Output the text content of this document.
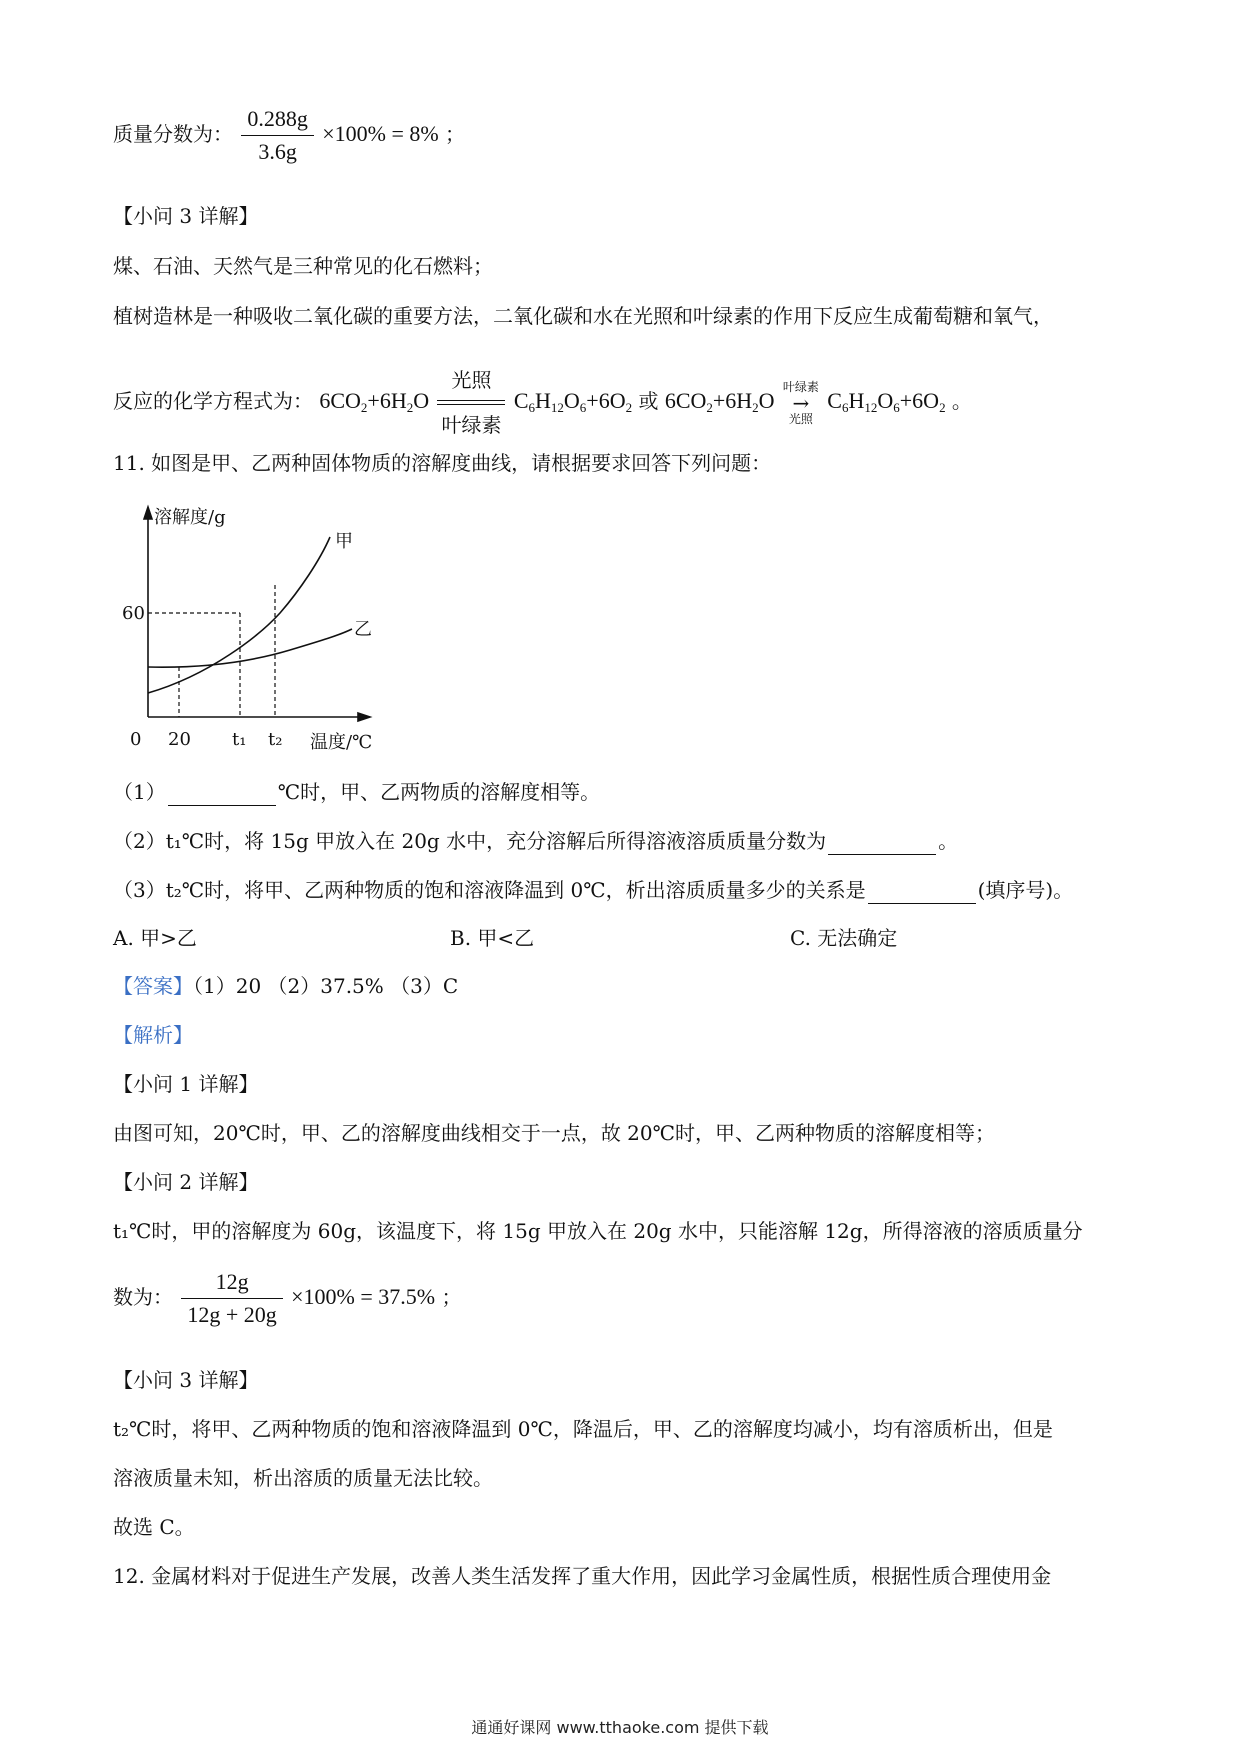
质量分数为： $\frac{0.288g}{3.6g} \times 100\% = 8\%$ ；
【小问 3 详解】
煤、石油、天然气是三种常见的化石燃料；
植树造林是一种吸收二氧化碳的重要方法，二氧化碳和水在光照和叶绿素的作用下反应生成葡萄糖和氧气，
反应的化学方程式为： $6CO_2+6H_2O$
光照
叶绿素
$C_6H_{12}O_6+6O_2$ 或 $6CO_2+6H_2O$
叶绿素
→
光照
$C_6H_{12}O_6+6O_2$ 。
11. 如图是甲、乙两种固体物质的溶解度曲线，请根据要求回答下列问题：
溶解度/g
60
0 20 t₁ t₂ 温度/℃
甲
乙
（1）	℃时，甲、乙两物质的溶解度相等。
（2）t₁℃时，将 15g 甲放入在 20g 水中，充分溶解后所得溶液溶质质量分数为	。
（3）t₂℃时，将甲、乙两种物质的饱和溶液降温到 0℃，析出溶质质量多少的关系是	(填序号)。
A. 甲>乙	B. 甲<乙	C. 无法确定
【答案】（1）20 （2）37.5% （3）C
【解析】
【小问 1 详解】
由图可知，20℃时，甲、乙的溶解度曲线相交于一点，故 20℃时，甲、乙两种物质的溶解度相等；
【小问 2 详解】
t₁℃时，甲的溶解度为 60g，该温度下，将 15g 甲放入在 20g 水中，只能溶解 12g，所得溶液的溶质质量分
数为： $\frac{12g}{12g + 20g} \times 100\% = 37.5\%$ ；
【小问 3 详解】
t₂℃时，将甲、乙两种物质的饱和溶液降温到 0℃，降温后，甲、乙的溶解度均减小，均有溶质析出，但是
溶液质量未知，析出溶质的质量无法比较。
故选 C。
12. 金属材料对于促进生产发展，改善人类生活发挥了重大作用，因此学习金属性质，根据性质合理使用金
通通好课网 www.tthaoke.com 提供下载
